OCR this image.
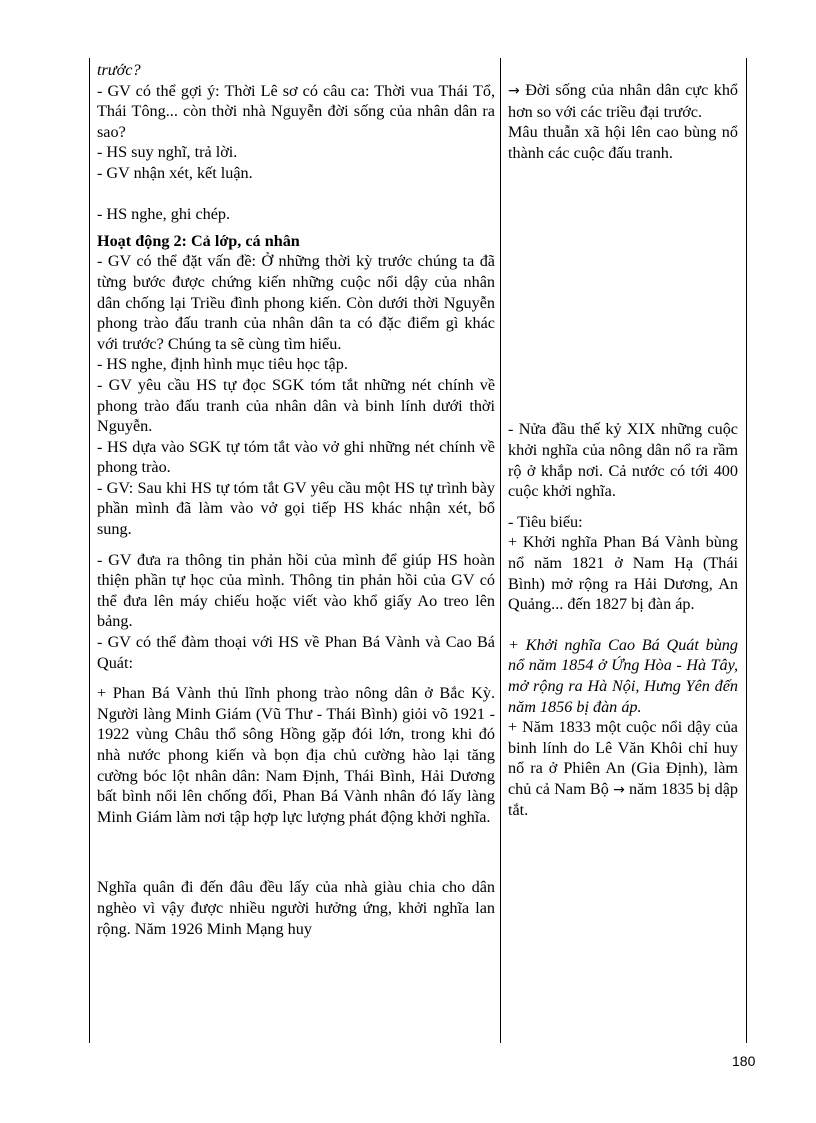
trước?

- GV có thể gợi ý: Thời Lê sơ có câu ca: Thời vua Thái Tổ, Thái Tông... còn thời nhà Nguyễn đời sống của nhân dân ra sao?

- HS suy nghĩ, trả lời.

- GV nhận xét, kết luận.

- HS nghe, ghi chép.

Hoạt động 2: Cả lớp, cá nhân

- GV có thể đặt vấn đề: Ở những thời kỳ trước chúng ta đã từng bước được chứng kiến những cuộc nổi dậy của nhân dân chống lại Triều đình phong kiến. Còn dưới thời Nguyễn phong trào đấu tranh của nhân dân ta có đặc điểm gì khác với trước? Chúng ta sẽ cùng tìm hiểu.

- HS nghe, định hình mục tiêu học tập.

- GV yêu cầu HS tự đọc SGK tóm tắt những nét chính về phong trào đấu tranh của nhân dân và binh lính dưới thời Nguyễn.

- HS dựa vào SGK tự tóm tắt vào vở ghi những nét chính về phong trào.

- GV: Sau khi HS tự tóm tắt GV yêu cầu một HS tự trình bày phần mình đã làm vào vở gọi tiếp HS khác nhận xét, bổ sung.

- GV đưa ra thông tin phản hồi của mình để giúp HS hoàn thiện phần tự học của mình. Thông tin phản hồi của GV có thể đưa lên máy chiếu hoặc viết vào khổ giấy Ao treo lên bảng.

- GV có thể đàm thoại với HS về Phan Bá Vành và Cao Bá Quát:

+ Phan Bá Vành thủ lĩnh phong trào nông dân ở Bắc Kỳ. Người làng Minh Giám (Vũ Thư - Thái Bình) giỏi võ 1921 - 1922 vùng Châu thổ sông Hồng gặp đói lớn, trong khi đó nhà nước phong kiến và bọn địa chủ cường hào lại tăng cường bóc lột nhân dân: Nam Định, Thái Bình, Hải Dương bất bình nổi lên chống đối, Phan Bá Vành nhân đó lấy làng Minh Giám làm nơi tập hợp lực lượng phát động khởi nghĩa.

Nghĩa quân đi đến đâu đều lấy của nhà giàu chia cho dân nghèo vì vậy được nhiều người hưởng ứng, khởi nghĩa lan rộng. Năm 1926 Minh Mạng huy

→ Đời sống của nhân dân cực khổ hơn so với các triều đại trước.

Mâu thuẫn xã hội lên cao bùng nổ thành các cuộc đấu tranh.

- Nửa đầu thế kỷ XIX những cuộc khởi nghĩa của nông dân nổ ra rầm rộ ở khắp nơi. Cả nước có tới 400 cuộc khởi nghĩa.

- Tiêu biểu:

+ Khởi nghĩa Phan Bá Vành bùng nổ năm 1821 ở Nam Hạ (Thái Bình) mở rộng ra Hải Dương, An Quảng... đến 1827 bị đàn áp.

+ Khởi nghĩa Cao Bá Quát bùng nổ năm 1854 ở Ứng Hòa - Hà Tây, mở rộng ra Hà Nội, Hưng Yên đến năm 1856 bị đàn áp.

+ Năm 1833 một cuộc nổi dậy của binh lính do Lê Văn Khôi chỉ huy nổ ra ở Phiên An (Gia Định), làm chủ cả Nam Bộ → năm 1835 bị dập tắt.

180
